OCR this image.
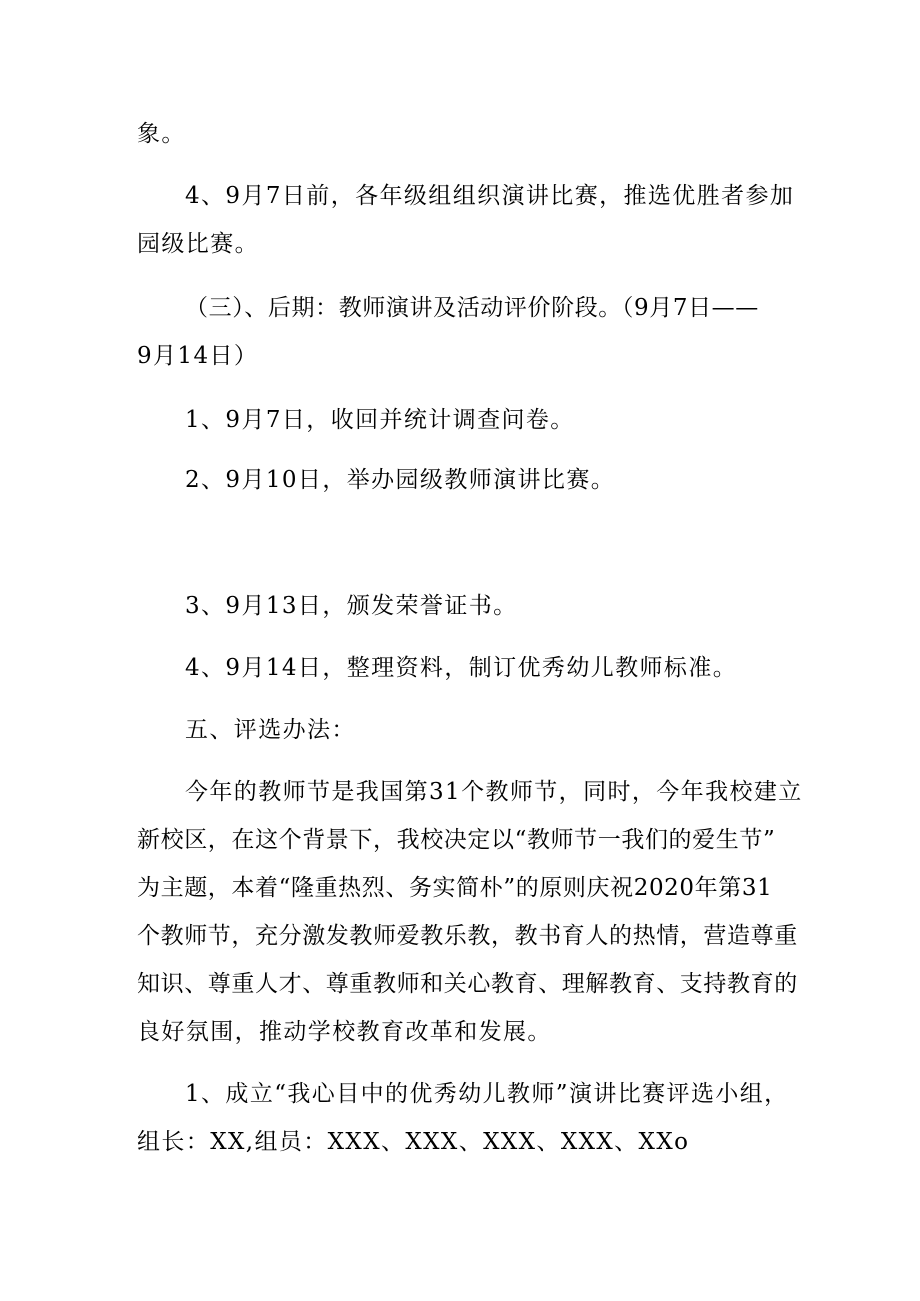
象。
4、9月7日前，各年级组组织演讲比赛，推选优胜者参加
园级比赛。
（三）、后期：教师演讲及活动评价阶段。（9月7日——
9月14日）
1、9月7日，收回并统计调查问卷。
2、9月10日，举办园级教师演讲比赛。
3、9月13日，颁发荣誉证书。
4、9月14日，整理资料，制订优秀幼儿教师标准。
五、评选办法：
今年的教师节是我国第31个教师节，同时，今年我校建立
新校区，在这个背景下，我校决定以“教师节一我们的爱生节”
为主题，本着“隆重热烈、务实简朴”的原则庆祝2020年第31
个教师节，充分激发教师爱教乐教，教书育人的热情，营造尊重
知识、尊重人才、尊重教师和关心教育、理解教育、支持教育的
良好氛围，推动学校教育改革和发展。
1、成立“我心目中的优秀幼儿教师”演讲比赛评选小组，
组长：XX,组员：XXX、XXX、XXX、XXX、XXo
